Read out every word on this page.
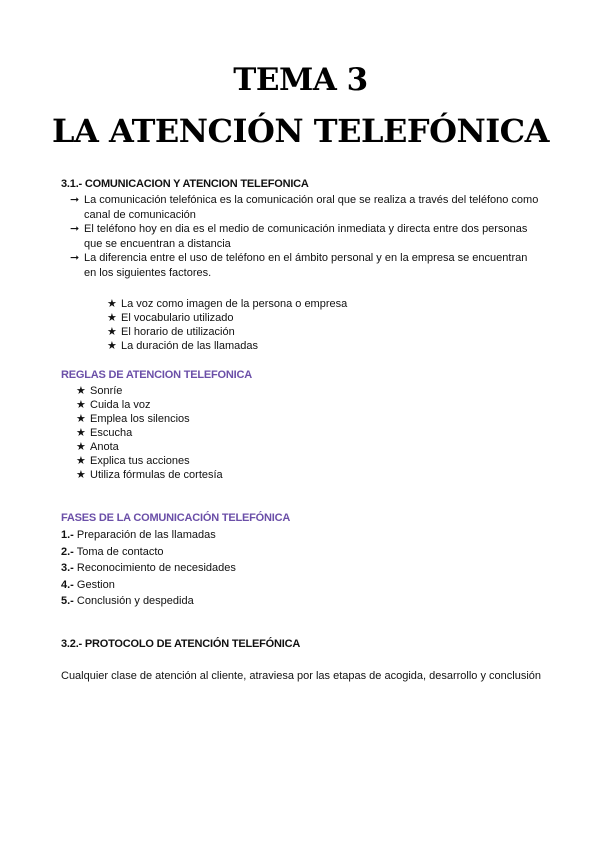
TEMA 3
LA ATENCIÓN TELEFÓNICA
3.1.- COMUNICACION Y ATENCION TELEFONICA
➞ La comunicación telefónica es la comunicación oral que se realiza a través del teléfono como canal de comunicación
➞ El teléfono hoy en dia es el medio de comunicación inmediata y directa entre dos personas que se encuentran a distancia
➞ La diferencia entre el uso de teléfono en el ámbito personal y en la empresa se encuentran en los siguientes factores.
★ La voz como imagen de la persona o empresa
★ El vocabulario utilizado
★ El horario de utilización
★ La duración de las llamadas
REGLAS DE ATENCION TELEFONICA
★ Sonríe
★ Cuida la voz
★ Emplea los silencios
★ Escucha
★ Anota
★ Explica tus acciones
★ Utiliza fórmulas de cortesía
FASES DE LA COMUNICACIÓN TELEFÓNICA
1.- Preparación de las llamadas
2.- Toma de contacto
3.- Reconocimiento de necesidades
4.- Gestion
5.- Conclusión y despedida
3.2.- PROTOCOLO DE ATENCIÓN TELEFÓNICA

Cualquier clase de atención al cliente, atraviesa por las etapas de acogida, desarrollo y conclusión
